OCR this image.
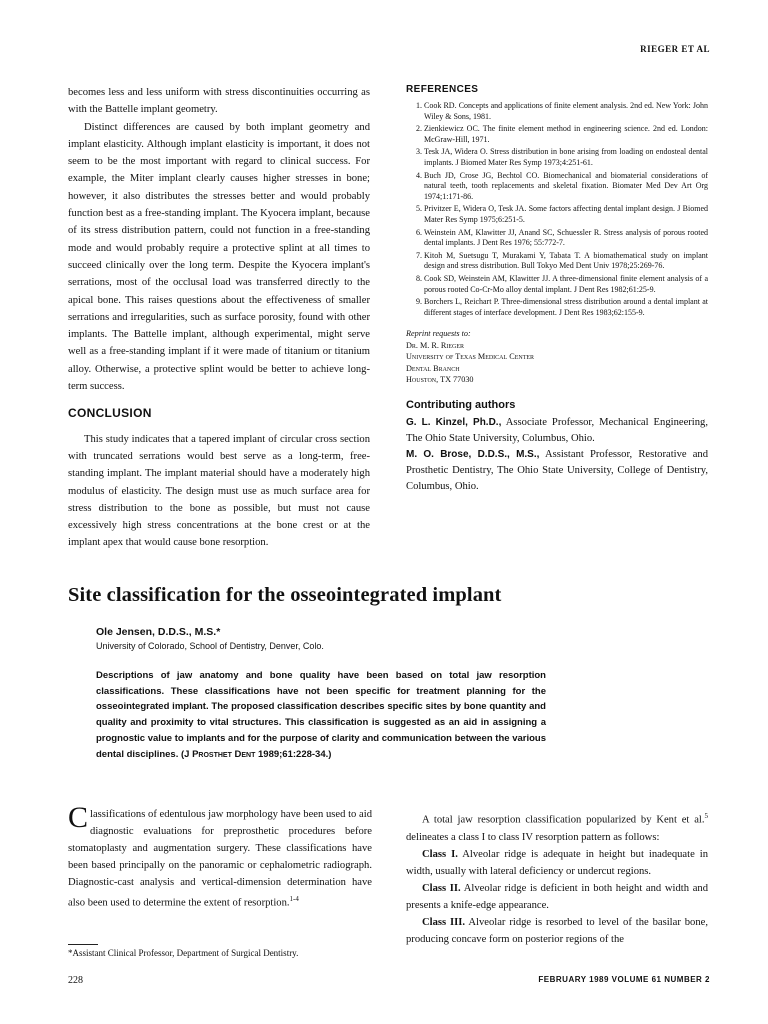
RIEGER ET AL

becomes less and less uniform with stress discontinuities occurring as with the Battelle implant geometry.

Distinct differences are caused by both implant geometry and implant elasticity. Although implant elasticity is important, it does not seem to be the most important with regard to clinical success. For example, the Miter implant clearly causes higher stresses in bone; however, it also distributes the stresses better and would probably function best as a free-standing implant. The Kyocera implant, because of its stress distribution pattern, could not function in a free-standing mode and would probably require a protective splint at all times to succeed clinically over the long term. Despite the Kyocera implant's serrations, most of the occlusal load was transferred directly to the apical bone. This raises questions about the effectiveness of smaller serrations and irregularities, such as surface porosity, found with other implants. The Battelle implant, although experimental, might serve well as a free-standing implant if it were made of titanium or titanium alloy. Otherwise, a protective splint would be better to achieve long-term success.

CONCLUSION

This study indicates that a tapered implant of circular cross section with truncated serrations would best serve as a long-term, free-standing implant. The implant material should have a moderately high modulus of elasticity. The design must use as much surface area for stress distribution to the bone as possible, but must not cause excessively high stress concentrations at the bone crest or at the implant apex that would cause bone resorption.

REFERENCES
1. Cook RD. Concepts and applications of finite element analysis. 2nd ed. New York: John Wiley & Sons, 1981.
2. Zienkiewicz OC. The finite element method in engineering science. 2nd ed. London: McGraw-Hill, 1971.
3. Tesk JA, Widera O. Stress distribution in bone arising from loading on endosteal dental implants. J Biomed Mater Res Symp 1973;4:251-61.
4. Buch JD, Crose JG, Bechtol CO. Biomechanical and biomaterial considerations of natural teeth, tooth replacements and skeletal fixation. Biomater Med Dev Art Org 1974;1:171-86.
5. Privitzer E, Widera O, Tesk JA. Some factors affecting dental implant design. J Biomed Mater Res Symp 1975;6:251-5.
6. Weinstein AM, Klawitter JJ, Anand SC, Schuessler R. Stress analysis of porous rooted dental implants. J Dent Res 1976; 55:772-7.
7. Kitoh M, Suetsugu T, Murakami Y, Tabata T. A biomathematical study on implant design and stress distribution. Bull Tokyo Med Dent Univ 1978;25:269-76.
8. Cook SD, Weinstein AM, Klawitter JJ. A three-dimensional finite element analysis of a porous rooted Co-Cr-Mo alloy dental implant. J Dent Res 1982;61:25-9.
9. Borchers L, Reichart P. Three-dimensional stress distribution around a dental implant at different stages of interface development. J Dent Res 1983;62:155-9.
Reprint requests to:
Dr. M. R. Rieger
University of Texas Medical Center
Dental Branch
Houston, TX 77030
Contributing authors

G. L. Kinzel, Ph.D., Associate Professor, Mechanical Engineering, The Ohio State University, Columbus, Ohio.

M. O. Brose, D.D.S., M.S., Assistant Professor, Restorative and Prosthetic Dentistry, The Ohio State University, College of Dentistry, Columbus, Ohio.

Site classification for the osseointegrated implant
Ole Jensen, D.D.S., M.S.*
University of Colorado, School of Dentistry, Denver, Colo.
Descriptions of jaw anatomy and bone quality have been based on total jaw resorption classifications. These classifications have not been specific for treatment planning for the osseointegrated implant. The proposed classification describes specific sites by bone quantity and quality and proximity to vital structures. This classification is suggested as an aid in assigning a prognostic value to implants and for the purpose of clarity and communication between the various dental disciplines. (J Prosthet Dent 1989;61:228-34.)

Classifications of edentulous jaw morphology have been used to aid diagnostic evaluations for preprosthetic procedures before stomatoplasty and augmentation surgery. These classifications have been based principally on the panoramic or cephalometric radiograph. Diagnostic-cast analysis and vertical-dimension determination have also been used to determine the extent of resorption.$^{1-4}$

A total jaw resorption classification popularized by Kent et al.$^5$ delineates a class I to class IV resorption pattern as follows:

Class I. Alveolar ridge is adequate in height but inadequate in width, usually with lateral deficiency or undercut regions.

Class II. Alveolar ridge is deficient in both height and width and presents a knife-edge appearance.

Class III. Alveolar ridge is resorbed to level of the basilar bone, producing concave form on posterior regions of the

*Assistant Clinical Professor, Department of Surgical Dentistry.
228	FEBRUARY 1989 VOLUME 61 NUMBER 2
